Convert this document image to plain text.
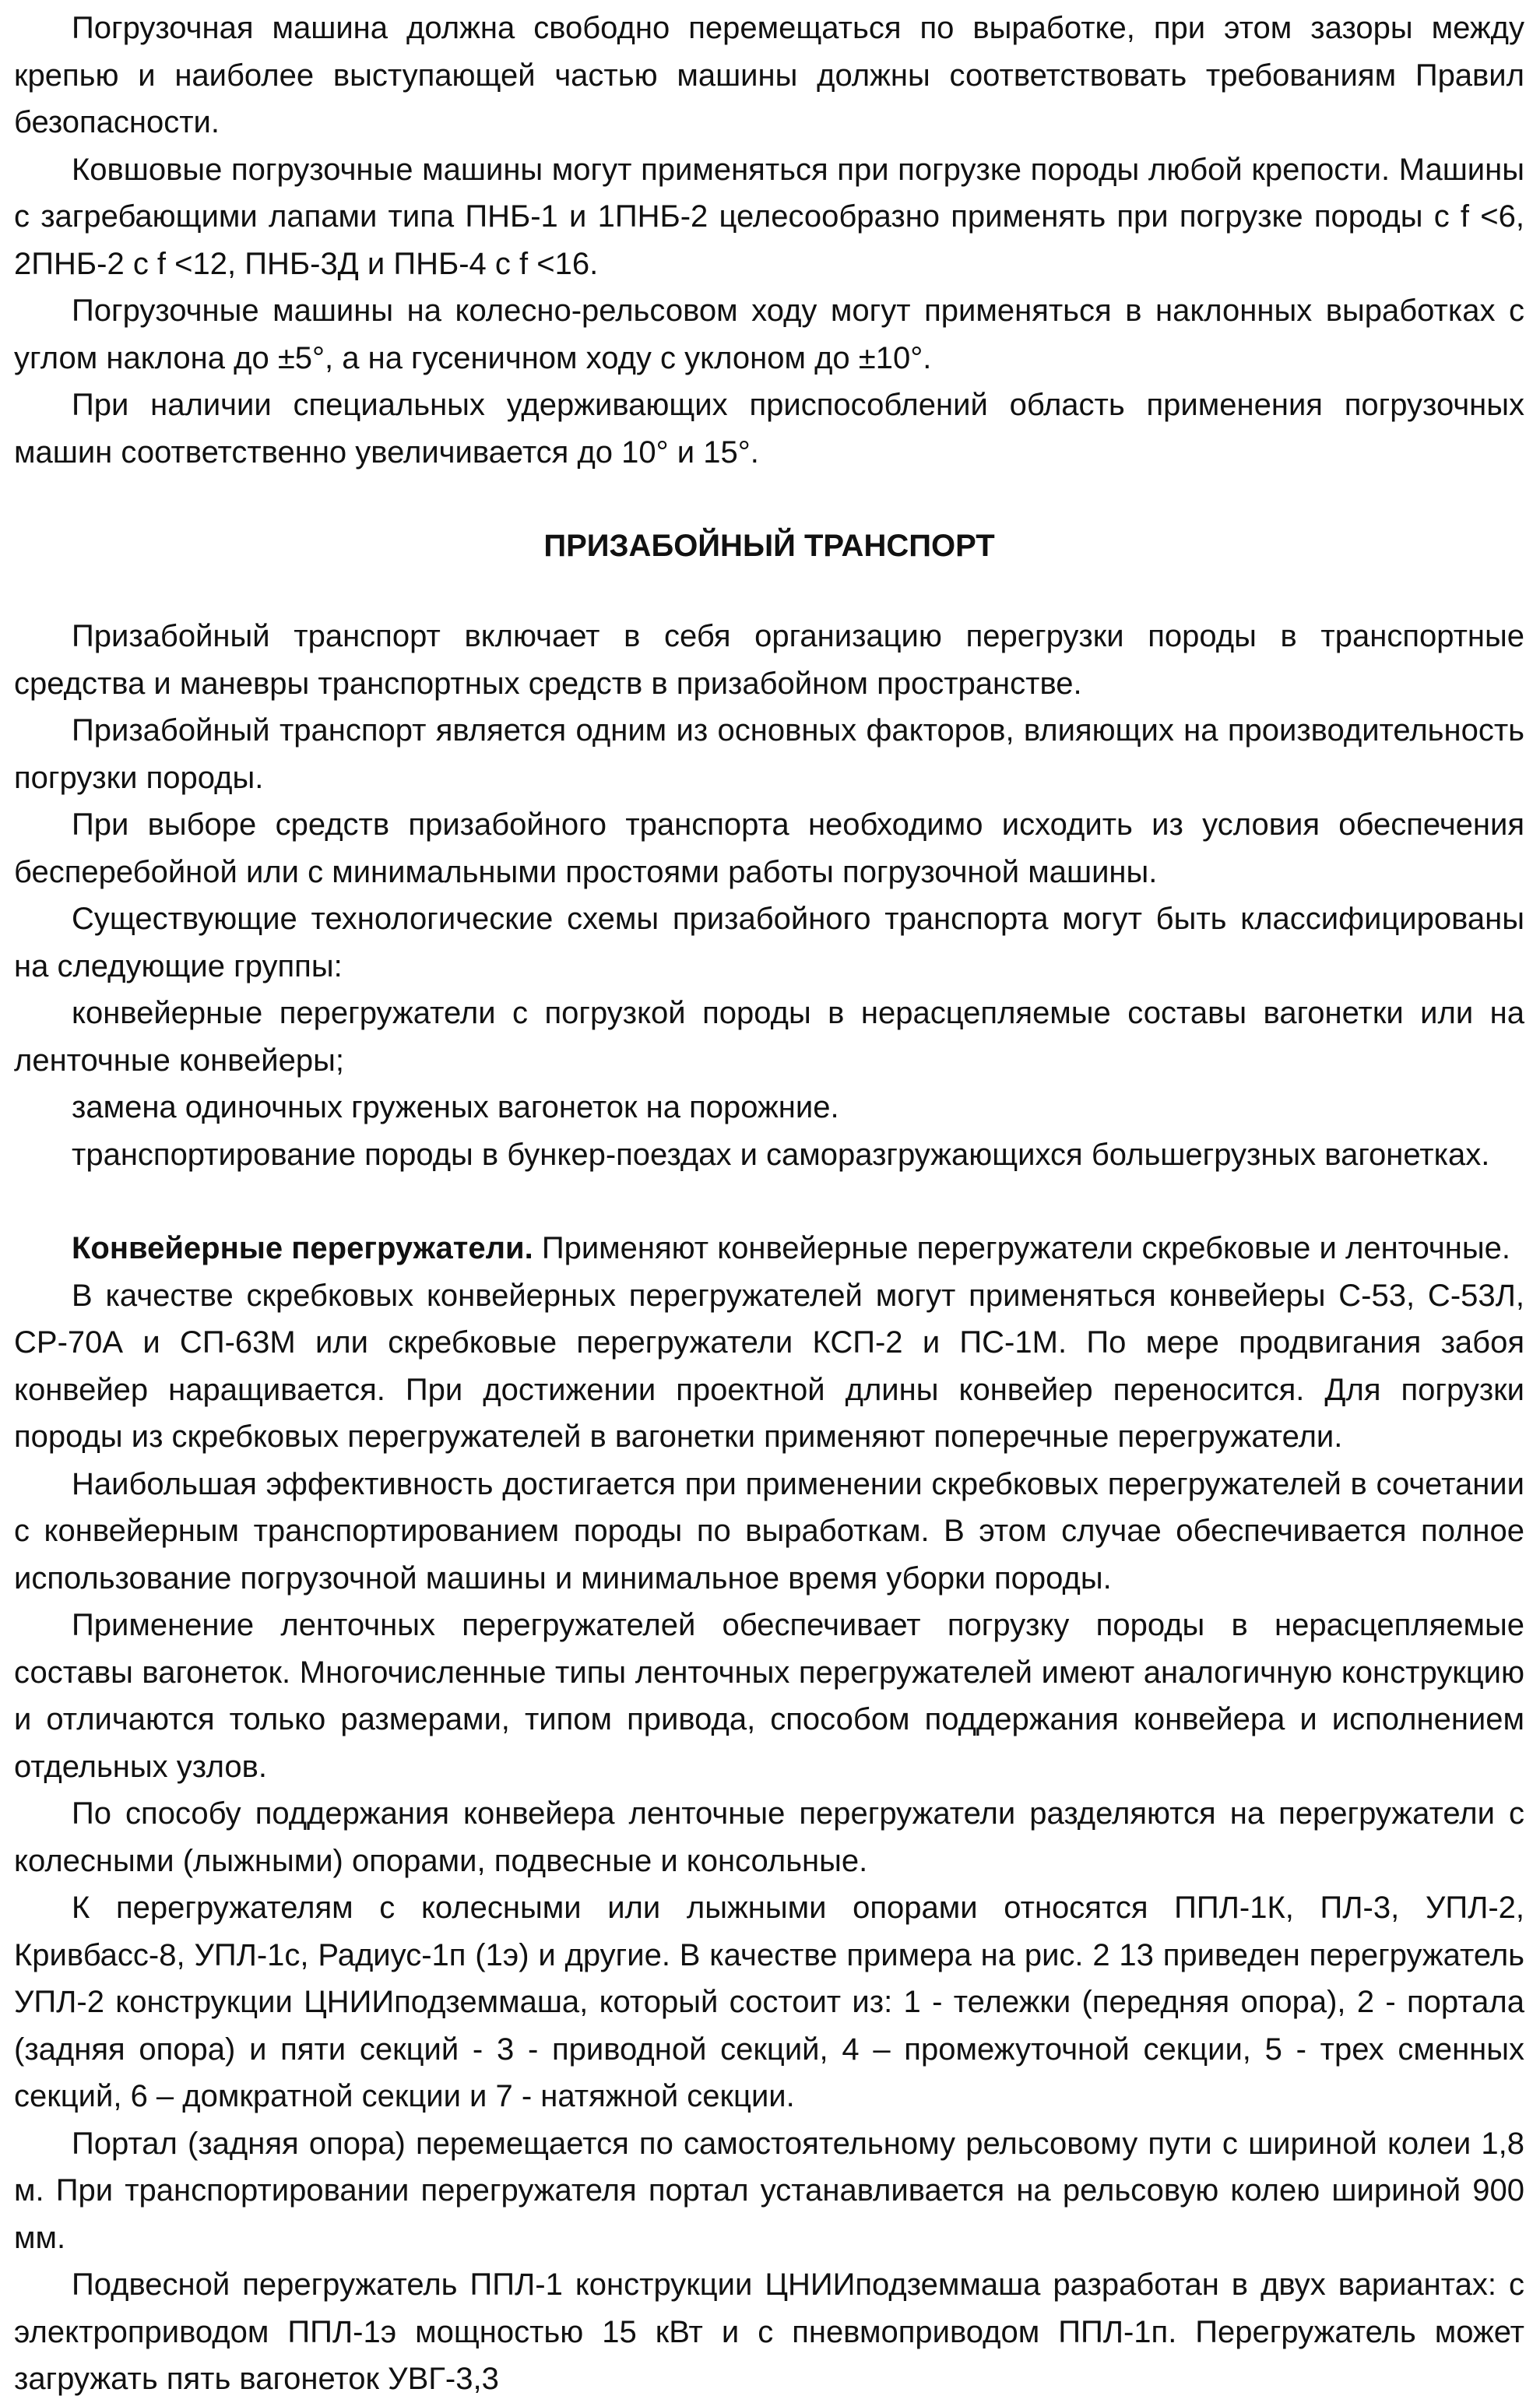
Погрузочная машина должна свободно перемещаться по выработке, при этом зазоры между крепью и наиболее выступающей частью машины должны соответствовать требованиям Правил безопасности.

Ковшовые погрузочные машины могут применяться при погрузке породы любой крепости. Машины с загребающими лапами типа ПНБ-1 и 1ПНБ-2 целесообразно применять при погрузке породы с f <6, 2ПНБ-2 с f <12, ПНБ-3Д и ПНБ-4 с f <16.

Погрузочные машины на колесно-рельсовом ходу могут применяться в наклонных выработках с углом наклона до ±5°, а на гусеничном ходу с уклоном до ±10°.

При наличии специальных удерживающих приспособлений область применения погрузочных машин соответственно увеличивается до 10° и 15°.

ПРИЗАБОЙНЫЙ ТРАНСПОРТ

Призабойный транспорт включает в себя организацию перегрузки породы в транспортные средства и маневры транспортных средств в призабойном пространстве.

Призабойный транспорт является одним из основных факторов, влияющих на производительность погрузки породы.

При выборе средств призабойного транспорта необходимо исходить из условия обеспечения бесперебойной или с минимальными простоями работы погрузочной машины.

Существующие технологические схемы призабойного транспорта могут быть классифицированы на следующие группы:

конвейерные перегружатели с погрузкой породы в нерасцепляемые составы вагонетки или на ленточные конвейеры;

замена одиночных груженых вагонеток на порожние.

транспортирование породы в бункер-поездах и саморазгружающихся большегрузных вагонетках.

Конвейерные перегружатели. Применяют конвейерные перегружатели скребковые и ленточные.

В качестве скребковых конвейерных перегружателей могут применяться конвейеры С-53, С-53Л, СР-70А и СП-63М или скребковые перегружатели КСП-2 и ПС-1М. По мере продвигания забоя конвейер наращивается. При достижении проектной длины конвейер переносится. Для погрузки породы из скребковых перегружателей в вагонетки применяют поперечные перегружатели.

Наибольшая эффективность достигается при применении скребковых перегружателей в сочетании с конвейерным транспортированием породы по выработкам. В этом случае обеспечивается полное использование погрузочной машины и минимальное время уборки породы.

Применение ленточных перегружателей обеспечивает погрузку породы в нерасцепляемые составы вагонеток. Многочисленные типы ленточных перегружателей имеют аналогичную конструкцию и отличаются только размерами, типом привода, способом поддержания конвейера и исполнением отдельных узлов.

По способу поддержания конвейера ленточные перегружатели разделяются на перегружатели с колесными (лыжными) опорами, подвесные и консольные.

К перегружателям с колесными или лыжными опорами относятся ППЛ-1К, ПЛ-3, УПЛ-2, Кривбасс-8, УПЛ-1с, Радиус-1п (1э) и другие. В качестве примера на рис. 2 13 приведен перегружатель УПЛ-2 конструкции ЦНИИподземмаша, который состоит из: 1 - тележки (передняя опора), 2 - портала (задняя опора) и пяти секций - 3 - приводной секций, 4 – промежуточной секции, 5 - трех сменных секций, 6 – домкратной секции и 7 - натяжной секции.

Портал (задняя опора) перемещается по самостоятельному рельсовому пути с шириной колеи 1,8 м. При транспортировании перегружателя портал устанавливается на рельсовую колею шириной 900 мм.

Подвесной перегружатель ППЛ-1 конструкции ЦНИИподземмаша разработан в двух вариантах: с электроприводом ППЛ-1э мощностью 15 кВт и с пневмоприводом ППЛ-1п. Перегружатель может загружать пять вагонеток УВГ-3,3
